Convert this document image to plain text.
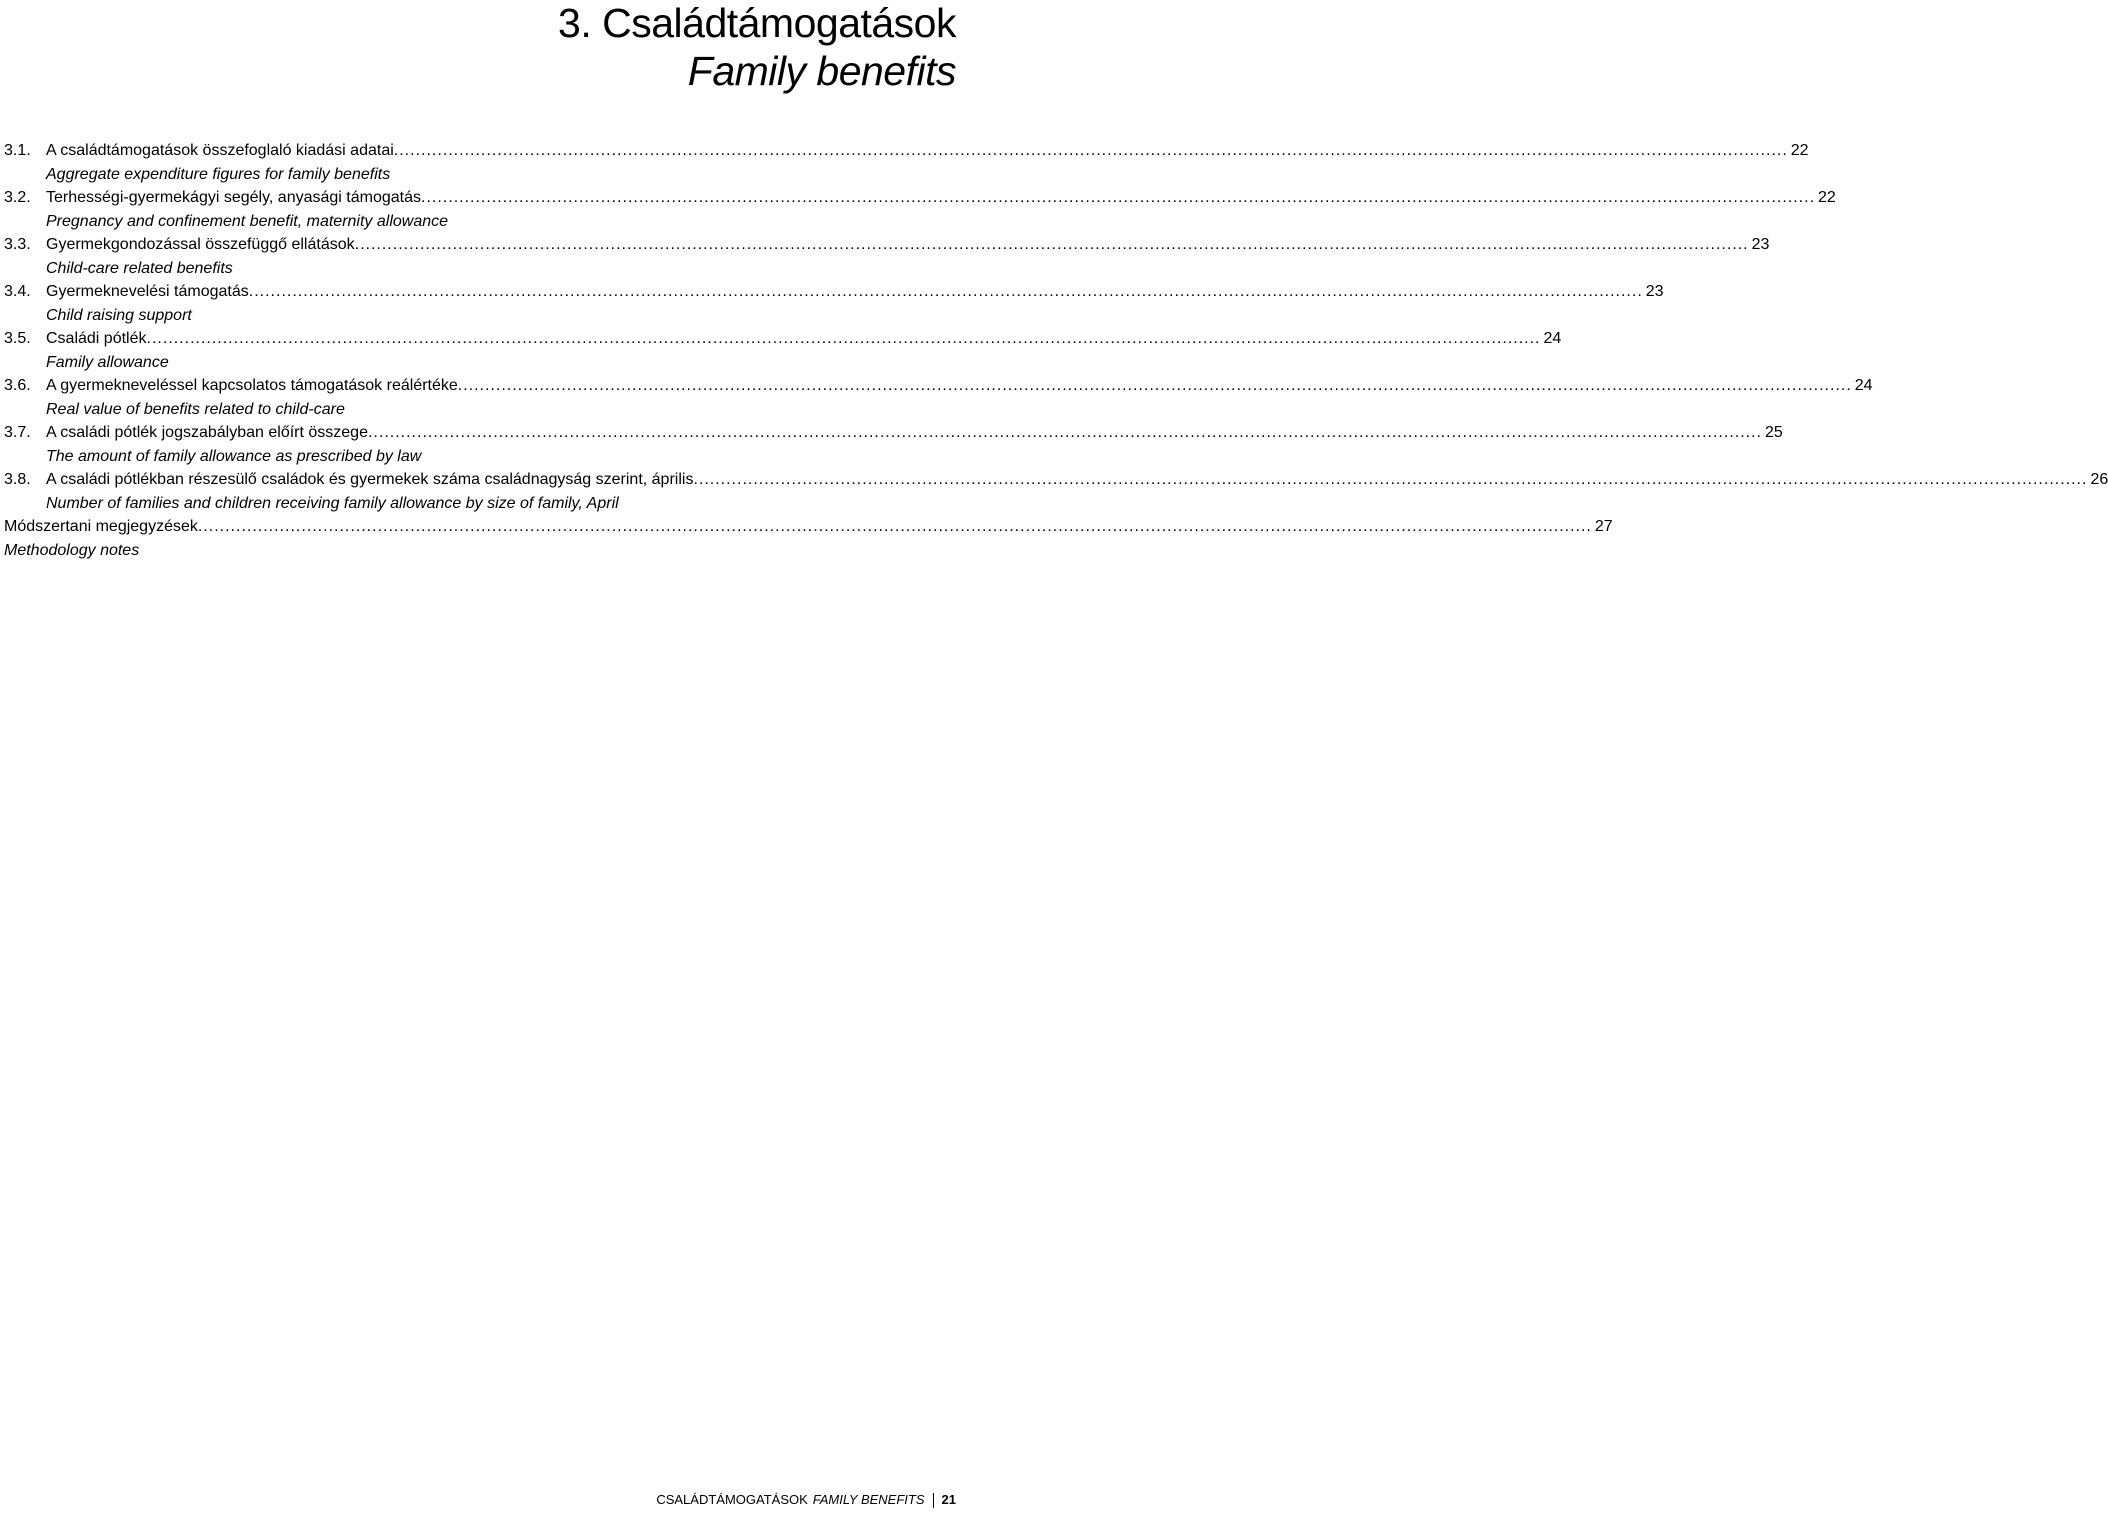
3. Családtámogatások
Family benefits
3.1. A családtámogatások összefoglaló kiadási adatai .....	22
Aggregate expenditure figures for family benefits
3.2. Terhességi-gyermekágyi segély, anyasági támogatás .....	22
Pregnancy and confinement benefit, maternity allowance
3.3. Gyermekgondozással összefüggő ellátások .....	23
Child-care related benefits
3.4. Gyermeknevelési támogatás .....	23
Child raising support
3.5. Családi pótlék .....	24
Family allowance
3.6. A gyermekneveléssel kapcsolatos támogatások reálértéke .....	24
Real value of benefits related to child-care
3.7. A családi pótlék jogszabályban előírt összege .....	25
The amount of family allowance as prescribed by law
3.8. A családi pótlékban részesülő családok és gyermekek száma családnagyság szerint, április .....	26
Number of families and children receiving family allowance by size of family, April
Módszertani megjegyzések .....	27
Methodology notes
CSALÁDTÁMOGATÁSOK FAMILY BENEFITS 21
